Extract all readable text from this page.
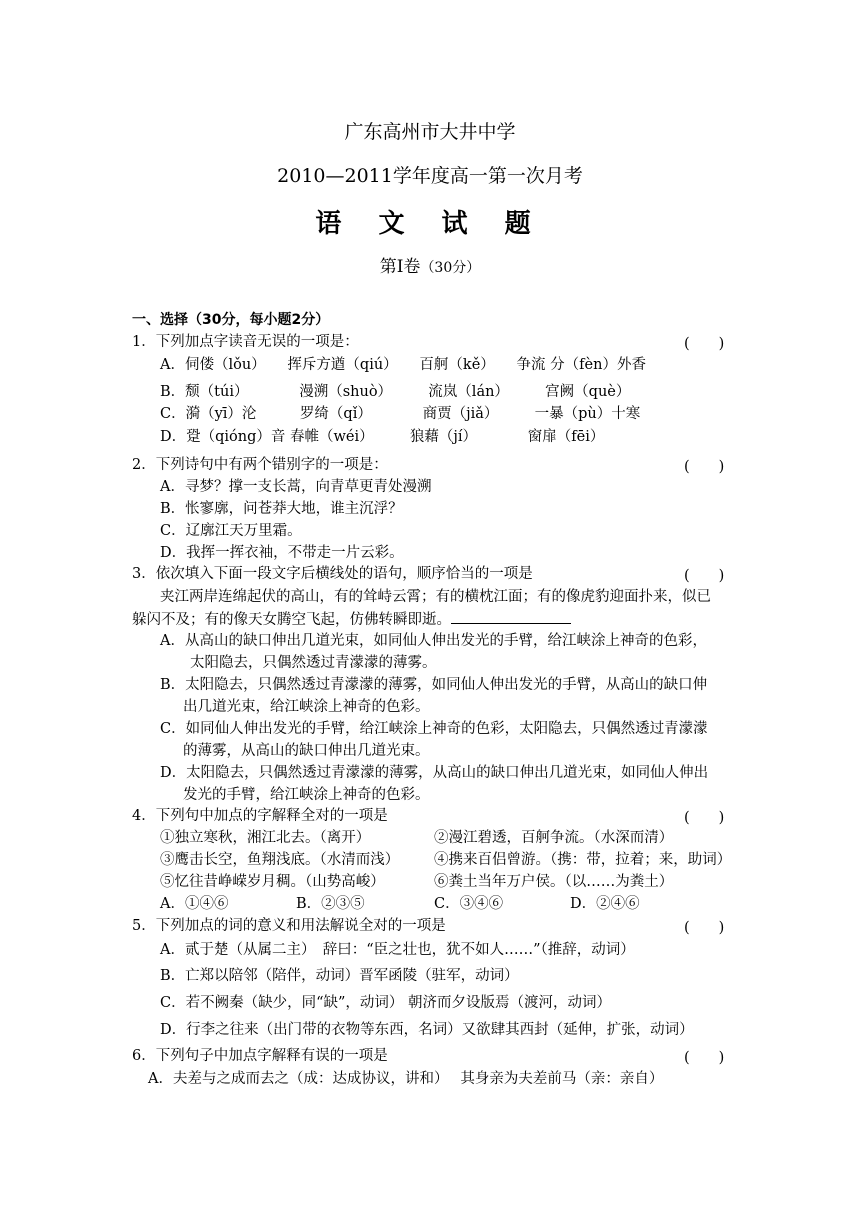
广东高州市大井中学
2010—2011学年度高一第一次月考
语 文 试 题
第Ⅰ卷（30分）
一、选择（30分，每小题2分）
1．下列加点字读音无误的一项是：	(　　)
A．伺偻（lǒu）　　挥斥方遒（qiú）　　百舸（kě）　　争流 分（fèn）外香
B．颓（túi）　　　　漫溯（shuò）　　　流岚（lán）　　　宫阙（què）
C．漪（yī）沦　　　罗绮（qǐ）　　　　商贾（jiǎ）　　　一暴（pù）十寒
D．跫（qióng）音 春帷（wéi）　　　狼藉（jí）　　　　窗扉（fēi）
2．下列诗句中有两个错别字的一项是：	(　　)
A．寻梦？撑一支长蒿，向青草更青处漫溯
B．怅寥廓，问苍莽大地，谁主沉浮？
C．辽廓江天万里霜。
D．我挥一挥衣袖，不带走一片云彩。
3．依次填入下面一段文字后横线处的语句，顺序恰当的一项是	(　　)
夹江两岸连绵起伏的高山，有的耸峙云霄；有的横枕江面；有的像虎豹迎面扑来，似已
躲闪不及；有的像天女腾空飞起，仿佛转瞬即逝。
A．从高山的缺口伸出几道光束，如同仙人伸出发光的手臂，给江峡涂上神奇的色彩，
太阳隐去，只偶然透过青濛濛的薄雾。
B．太阳隐去，只偶然透过青濛濛的薄雾，如同仙人伸出发光的手臂，从高山的缺口伸
出几道光束，给江峡涂上神奇的色彩。
C．如同仙人伸出发光的手臂，给江峡涂上神奇的色彩，太阳隐去，只偶然透过青濛濛
的薄雾，从高山的缺口伸出几道光束。
D．太阳隐去，只偶然透过青濛濛的薄雾，从高山的缺口伸出几道光束，如同仙人伸出
发光的手臂，给江峡涂上神奇的色彩。
4．下列句中加点的字解释全对的一项是	(　　)
①独立寒秋，湘江北去。（离开）	②漫江碧透，百舸争流。（水深而清）
③鹰击长空，鱼翔浅底。（水清而浅） ④携来百侣曾游。（携：带，拉着；来，助词）
⑤忆往昔峥嵘岁月稠。（山势高峻）	⑥粪土当年万户侯。（以……为粪土）
A．①④⑥	B．②③⑤	C．③④⑥	D．②④⑥
5．下列加点的词的意义和用法解说全对的一项是	(　　)
A．贰于楚（从属二主）　辞曰：“臣之壮也，犹不如人……”（推辞，动词）
B．亡郑以陪邻（陪伴，动词）晋军函陵（驻军，动词）
C．若不阙秦（缺少，同“缺”，动词） 朝济而夕设版焉（渡河，动词）
D．行李之往来（出门带的衣物等东西，名词）又欲肆其西封（延伸，扩张，动词）
6．下列句子中加点字解释有误的一项是	(　　)
A．夫差与之成而去之（成：达成协议，讲和）　 其身亲为夫差前马（亲：亲自）
